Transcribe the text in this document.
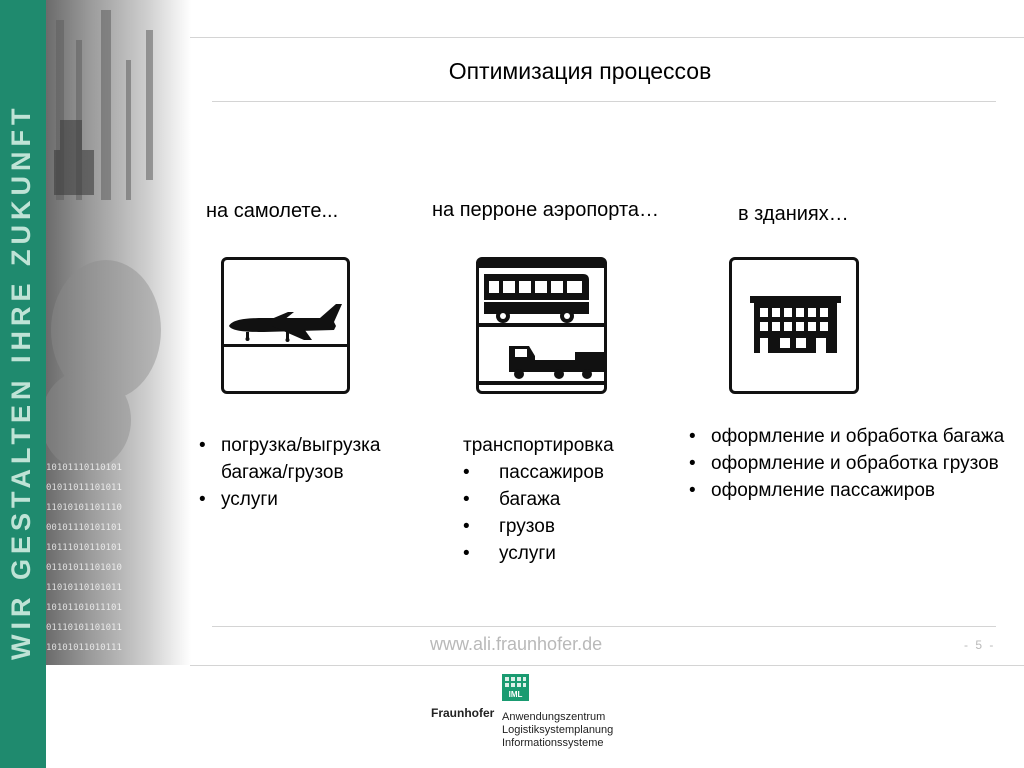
WIR GESTALTEN IHRE ZUKUNFT 10101110110101
01011011101011
11010101101110
00101110101101
10111010110101
01101011101010
11010110101011
10101101011101
01110101101011
10101011010111
Оптимизация процессов
на самолете...	на перроне аэропорта…	в зданиях…
• погрузка/выгрузка багажа/грузов
• услуги
транспортировка
• пассажиров
• багажа
• грузов
• услуги
• оформление и обработка багажа
• оформление и обработка грузов
• оформление пассажиров
www.ali.fraunhofer.de	- 5 -
IML
Fraunhofer Anwendungszentrum
Logistiksystemplanung
Informationssysteme
